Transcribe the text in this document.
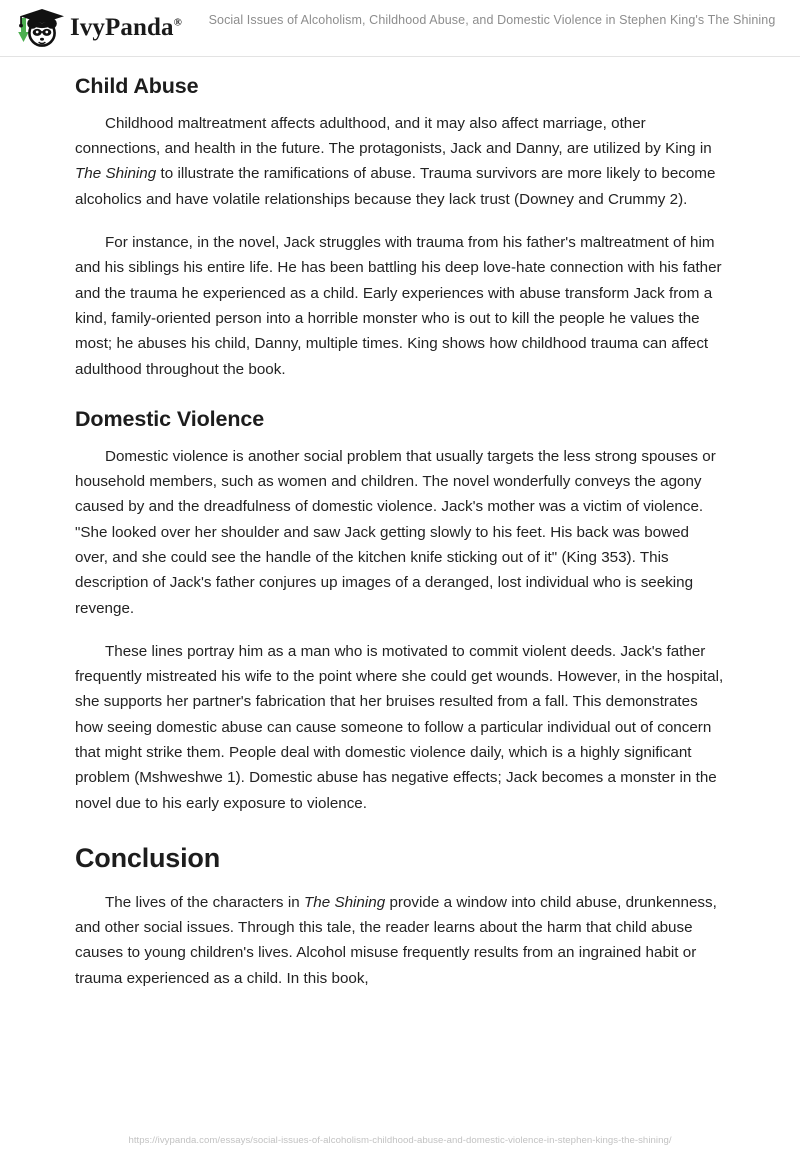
IvyPanda®	Social Issues of Alcoholism, Childhood Abuse, and Domestic Violence in Stephen King's The Shining
Child Abuse

Childhood maltreatment affects adulthood, and it may also affect marriage, other connections, and health in the future. The protagonists, Jack and Danny, are utilized by King in The Shining to illustrate the ramifications of abuse. Trauma survivors are more likely to become alcoholics and have volatile relationships because they lack trust (Downey and Crummy 2).

For instance, in the novel, Jack struggles with trauma from his father's maltreatment of him and his siblings his entire life. He has been battling his deep love-hate connection with his father and the trauma he experienced as a child. Early experiences with abuse transform Jack from a kind, family-oriented person into a horrible monster who is out to kill the people he values the most; he abuses his child, Danny, multiple times. King shows how childhood trauma can affect adulthood throughout the book.

Domestic Violence

Domestic violence is another social problem that usually targets the less strong spouses or household members, such as women and children. The novel wonderfully conveys the agony caused by and the dreadfulness of domestic violence. Jack's mother was a victim of violence. "She looked over her shoulder and saw Jack getting slowly to his feet. His back was bowed over, and she could see the handle of the kitchen knife sticking out of it" (King 353). This description of Jack's father conjures up images of a deranged, lost individual who is seeking revenge.

These lines portray him as a man who is motivated to commit violent deeds. Jack's father frequently mistreated his wife to the point where she could get wounds. However, in the hospital, she supports her partner's fabrication that her bruises resulted from a fall. This demonstrates how seeing domestic abuse can cause someone to follow a particular individual out of concern that might strike them. People deal with domestic violence daily, which is a highly significant problem (Mshweshwe 1). Domestic abuse has negative effects; Jack becomes a monster in the novel due to his early exposure to violence.

Conclusion

The lives of the characters in The Shining provide a window into child abuse, drunkenness, and other social issues. Through this tale, the reader learns about the harm that child abuse causes to young children's lives. Alcohol misuse frequently results from an ingrained habit or trauma experienced as a child. In this book,

https://ivypanda.com/essays/social-issues-of-alcoholism-childhood-abuse-and-domestic-violence-in-stephen-kings-the-shining/
